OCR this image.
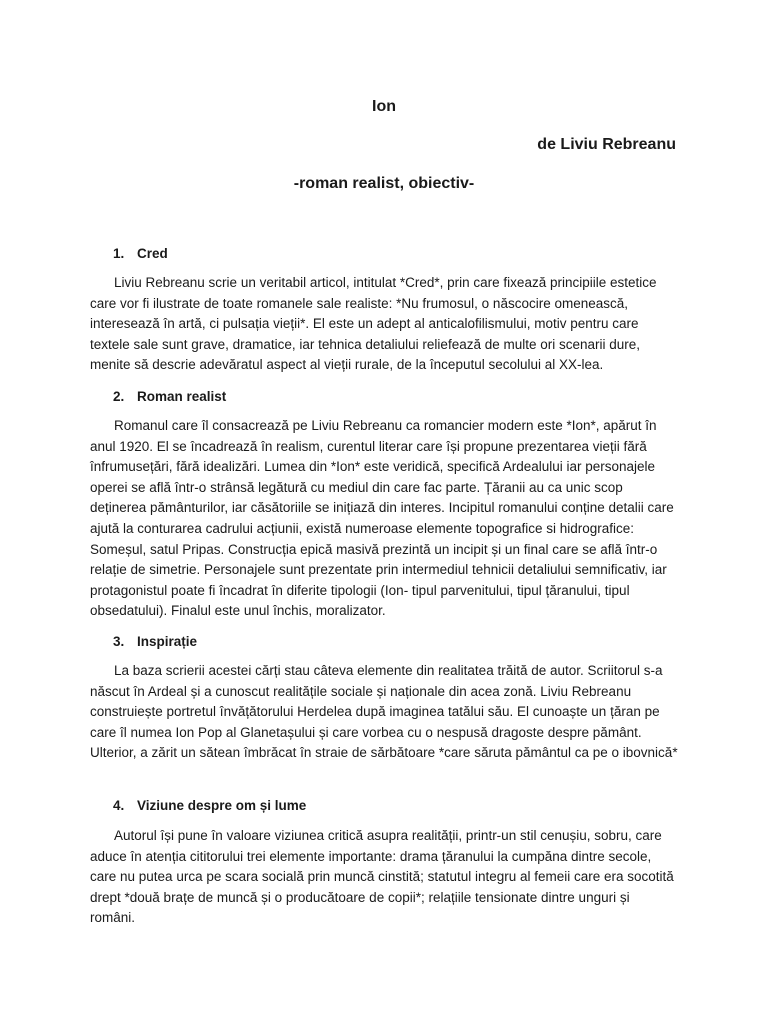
Ion
de Liviu Rebreanu
-roman realist, obiectiv-
1. Cred
Liviu Rebreanu scrie un veritabil articol, intitulat *Cred*, prin care fixează principiile estetice care vor fi ilustrate de toate romanele sale realiste: *Nu frumosul, o născocire omenească, interesează în artă, ci pulsația vieții*. El este un adept al anticalofilismului, motiv pentru care textele sale sunt grave, dramatice, iar tehnica detaliului reliefează de multe ori scenarii dure, menite să descrie adevăratul aspect al vieții rurale, de la începutul secolului al XX-lea.
2. Roman realist
Romanul care îl consacrează pe Liviu Rebreanu ca romancier modern este *Ion*, apărut în anul 1920. El se încadrează în realism, curentul literar care își propune prezentarea vieții fără înfrumusețări, fără idealizări. Lumea din *Ion* este veridică, specifică Ardealului iar personajele operei se află într-o strânsă legătură cu mediul din care fac parte. Țăranii au ca unic scop deținerea pământurilor, iar căsătoriile se inițiază din interes. Incipitul romanului conține detalii care ajută la conturarea cadrului acțiunii, există numeroase elemente topografice si hidrografice: Someșul, satul Pripas. Construcția epică masivă prezintă un incipit și un final care se află într-o relație de simetrie. Personajele sunt prezentate prin intermediul tehnicii detaliului semnificativ, iar protagonistul poate fi încadrat în diferite tipologii (Ion- tipul parvenitului, tipul țăranului, tipul obsedatului). Finalul este unul închis, moralizator.
3. Inspirație
La baza scrierii acestei cărți stau câteva elemente din realitatea trăită de autor. Scriitorul s-a născut în Ardeal și a cunoscut realitățile sociale și naționale din acea zonă. Liviu Rebreanu construiește portretul învățătorului Herdelea după imaginea tatălui său. El cunoaște un țăran pe care îl numea Ion Pop al Glanetașului și care vorbea cu o nespusă dragoste despre pământ. Ulterior, a zărit un sătean îmbrăcat în straie de sărbătoare *care săruta pământul ca pe o ibovnică*
4. Viziune despre om și lume
Autorul își pune în valoare viziunea critică asupra realității, printr-un stil cenușiu, sobru, care aduce în atenția cititorului trei elemente importante: drama țăranului la cumpăna dintre secole, care nu putea urca pe scara socială prin muncă cinstită; statutul integru al femeii care era socotită drept *două brațe de muncă și o producătoare de copii*; relațiile tensionate dintre unguri și români.
